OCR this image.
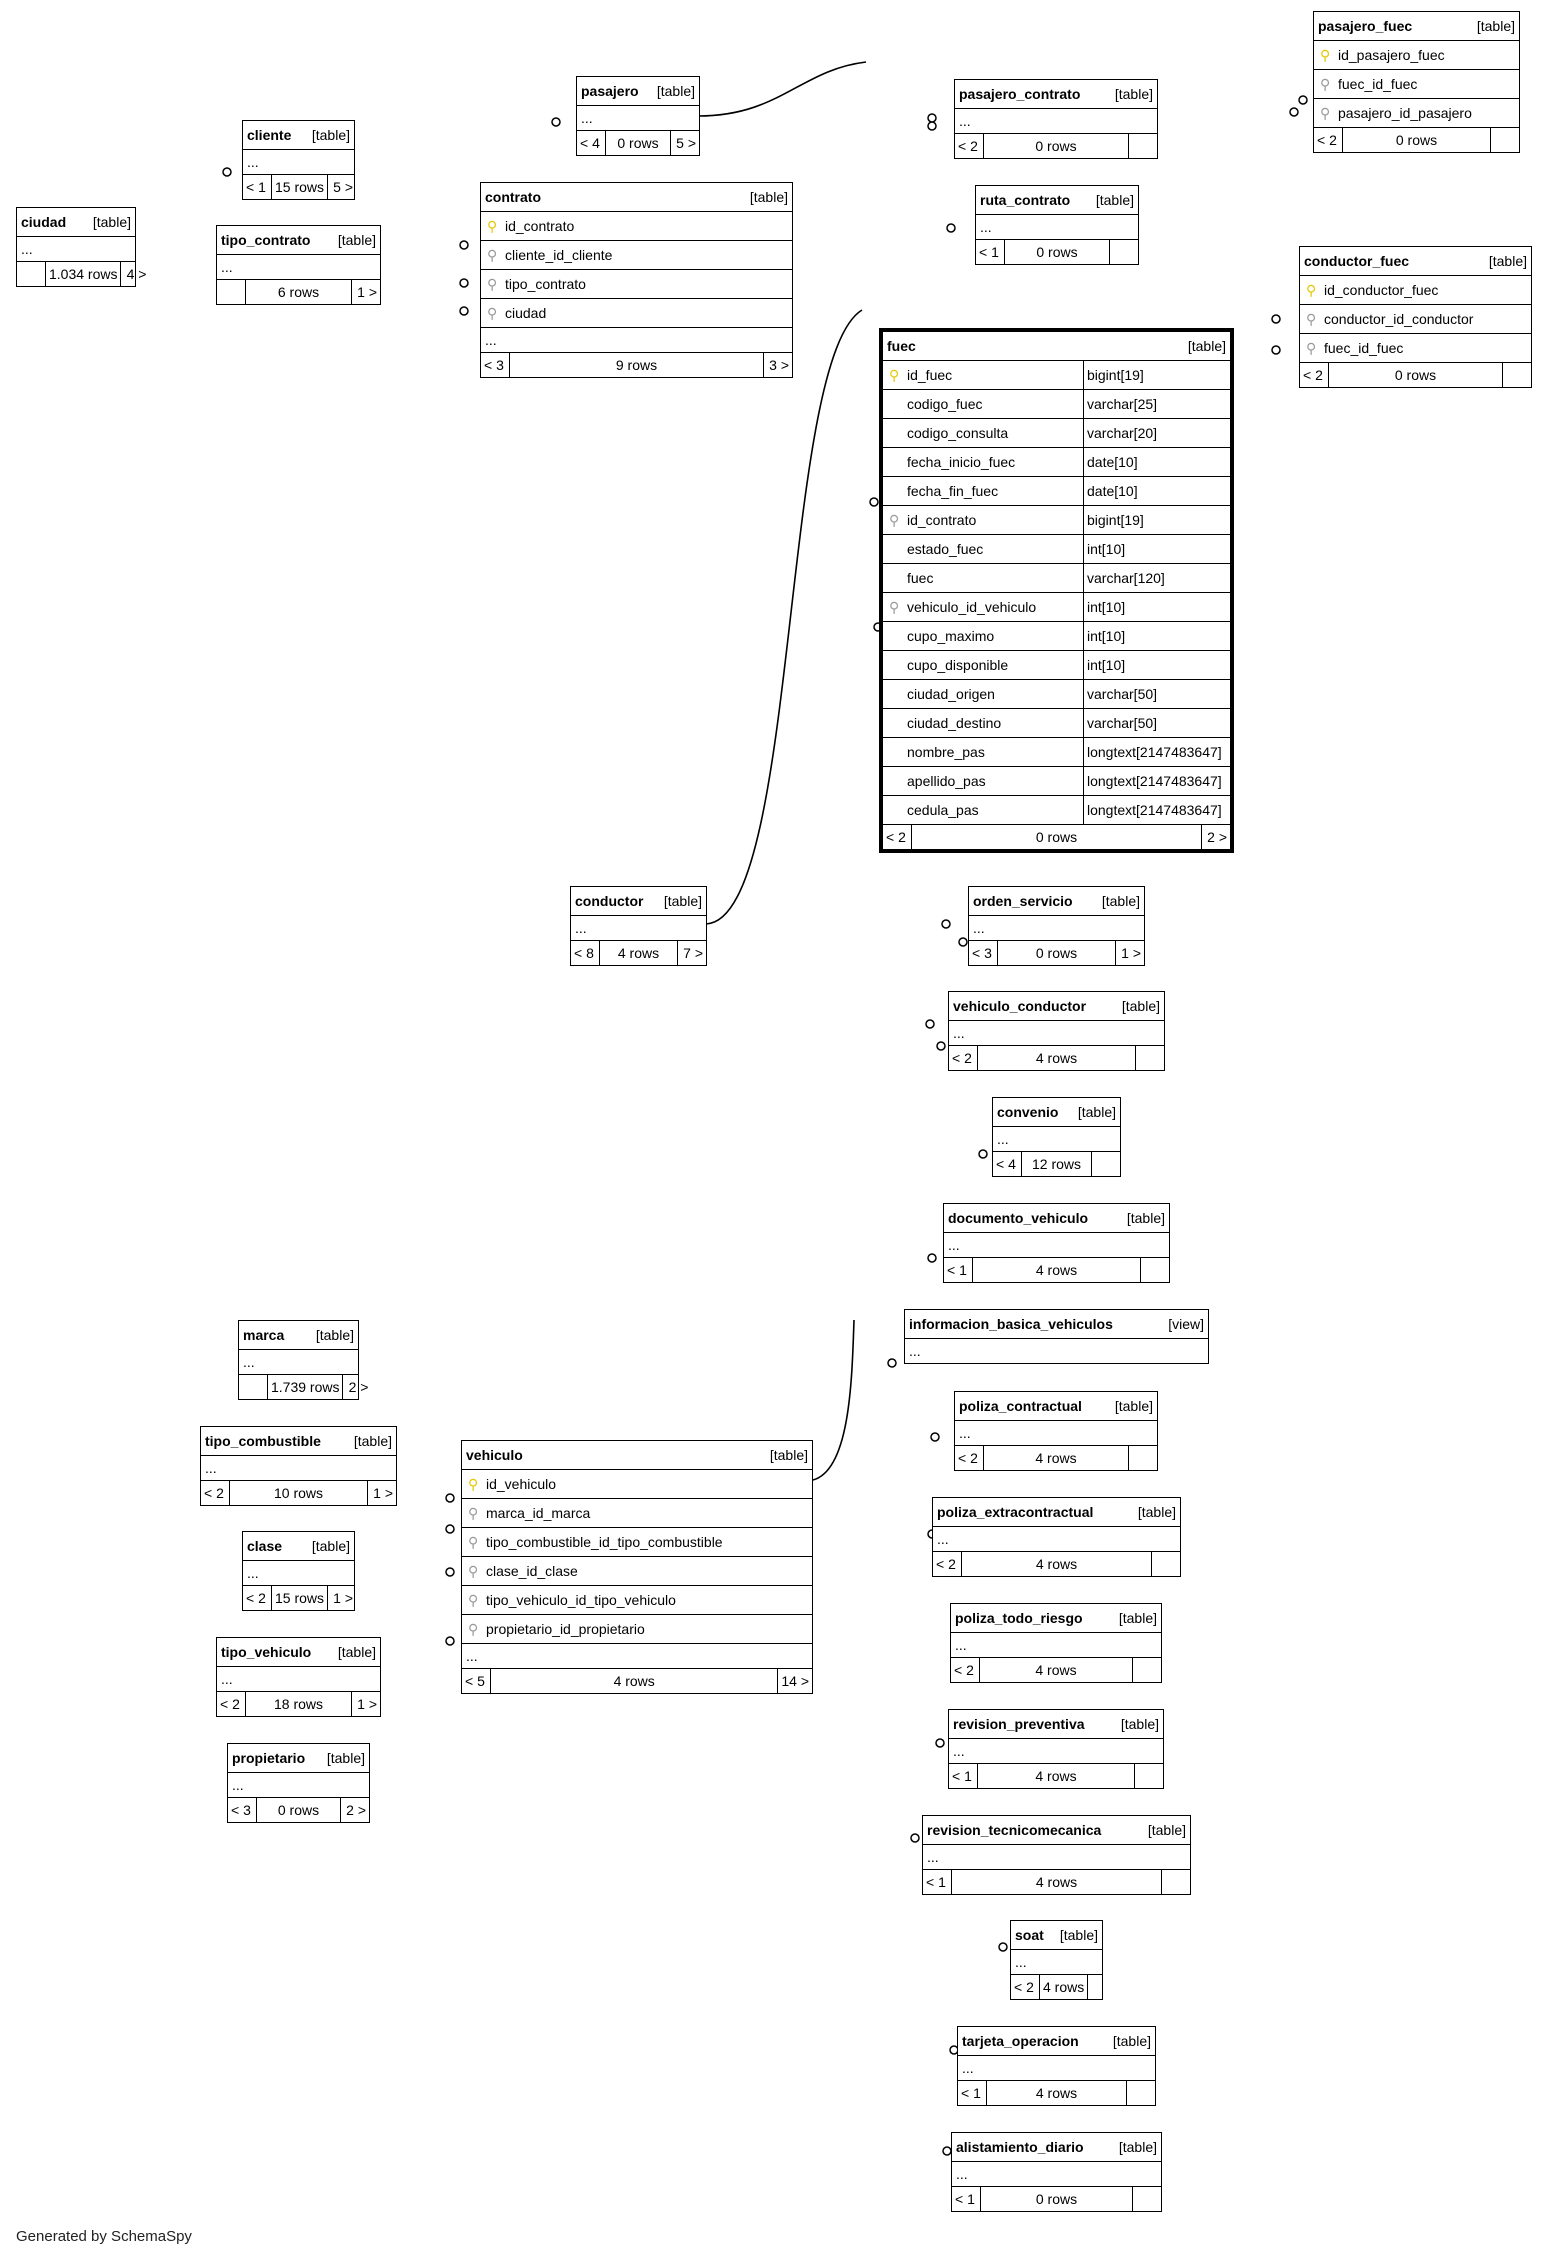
ciudad [table]
...
1.034 rows 4 >
cliente [table]
...
< 1 15 rows 5 >
tipo_contrato [table]
...
6 rows	1 >
pasajero [table]
...
< 4	0 rows	5 >
contrato	[table]
⚲ id_contrato
⚲ cliente_id_cliente
⚲ tipo_contrato
⚲ ciudad
...
< 3	9 rows	3 >
pasajero_contrato [table]
...
< 2	0 rows
ruta_contrato [table]
...
< 1	0 rows
pasajero_fuec	[table]
⚲ id_pasajero_fuec
⚲ fuec_id_fuec
⚲ pasajero_id_pasajero
< 2	0 rows
conductor_fuec	[table]
⚲ id_conductor_fuec
⚲ conductor_id_conductor
⚲ fuec_id_fuec
< 2	0 rows
fuec	[table]
⚲ id_fuec	bigint[19]
codigo_fuec	varchar[25]
codigo_consulta	varchar[20]
fecha_inicio_fuec	date[10]
fecha_fin_fuec	date[10]
⚲ id_contrato	bigint[19]
estado_fuec	int[10]
fuec	varchar[120]
⚲ vehiculo_id_vehiculo	int[10]
cupo_maximo	int[10]
cupo_disponible	int[10]
ciudad_origen	varchar[50]
ciudad_destino	varchar[50]
nombre_pas	longtext[2147483647]
apellido_pas	longtext[2147483647]
cedula_pas	longtext[2147483647]
< 2	0 rows	2 >
conductor [table]
...
< 8	4 rows	7 >
orden_servicio [table]
...
< 3	0 rows	1 >
vehiculo_conductor	[table]
...
< 2	4 rows
convenio [table]
...
< 4	12 rows
documento_vehiculo	[table]
...
< 1	4 rows
informacion_basica_vehiculos	[view]
...
marca [table]
...
1.739 rows 2 >
tipo_combustible [table]
...
< 2	10 rows	1 >
clase [table]
...
< 2 15 rows 1 >
tipo_vehiculo [table]
...
< 2	18 rows	1 >
propietario [table]
...
< 3	0 rows	2 >
vehiculo	[table]
⚲ id_vehiculo
⚲ marca_id_marca
⚲ tipo_combustible_id_tipo_combustible
⚲ clase_id_clase
⚲ tipo_vehiculo_id_tipo_vehiculo
⚲ propietario_id_propietario
...
< 5	4 rows	14 >
poliza_contractual [table]
...
< 2	4 rows
poliza_extracontractual	[table]
...
< 2	4 rows
poliza_todo_riesgo	[table]
...
< 2	4 rows
revision_preventiva	[table]
...
< 1	4 rows
revision_tecnicomecanica	[table]
...
< 1	4 rows
soat [table]
...
< 2 4 rows
tarjeta_operacion [table]
...
< 1	4 rows
alistamiento_diario	[table]
...
< 1	0 rows
Generated by SchemaSpy
